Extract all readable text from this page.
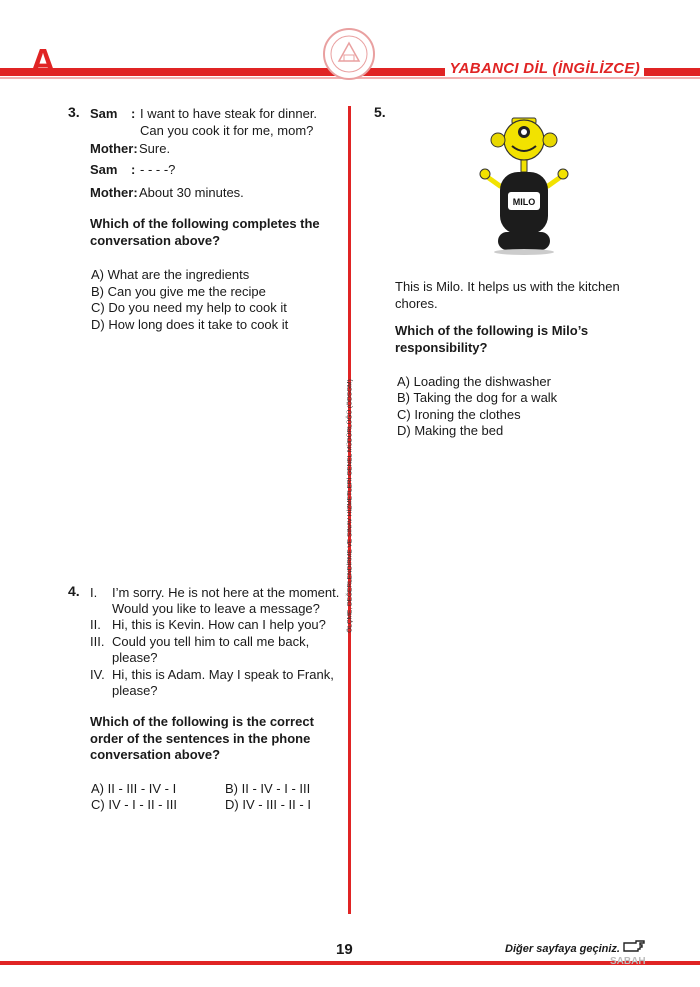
A	YABANCI DİL (İNGİLİZCE)
ÖLÇME, DEĞERLENDİRME VE SINAV HİZMETLERİ GENEL MÜDÜRLÜĞÜ (ÖDSGM)
3. Sam : I want to have steak for dinner.
Can you cook it for me, mom?
Mother: Sure.
Sam : - - - -?
Mother: About 30 minutes.
Which of the following completes the
conversation above?
A) What are the ingredients
B) Can you give me the recipe
C) Do you need my help to cook it
D) How long does it take to cook it
4. I. I’m sorry. He is not here at the moment.
Would you like to leave a message?
II. Hi, this is Kevin. How can I help you?
III. Could you tell him to call me back,
please?
IV. Hi, this is Adam. May I speak to Frank,
please?
Which of the following is the correct
order of the sentences in the phone
conversation above?
A) II - III - IV - I	B) II - IV - I - III
C) IV - I - II - III	D) IV - III - II - I
5.
MILO
This is Milo. It helps us with the kitchen
chores.
Which of the following is Milo’s
responsibility?
A) Loading the dishwasher
B) Taking the dog for a walk
C) Ironing the clothes
D) Making the bed
19	Diğer sayfaya geçiniz.
SABAH
